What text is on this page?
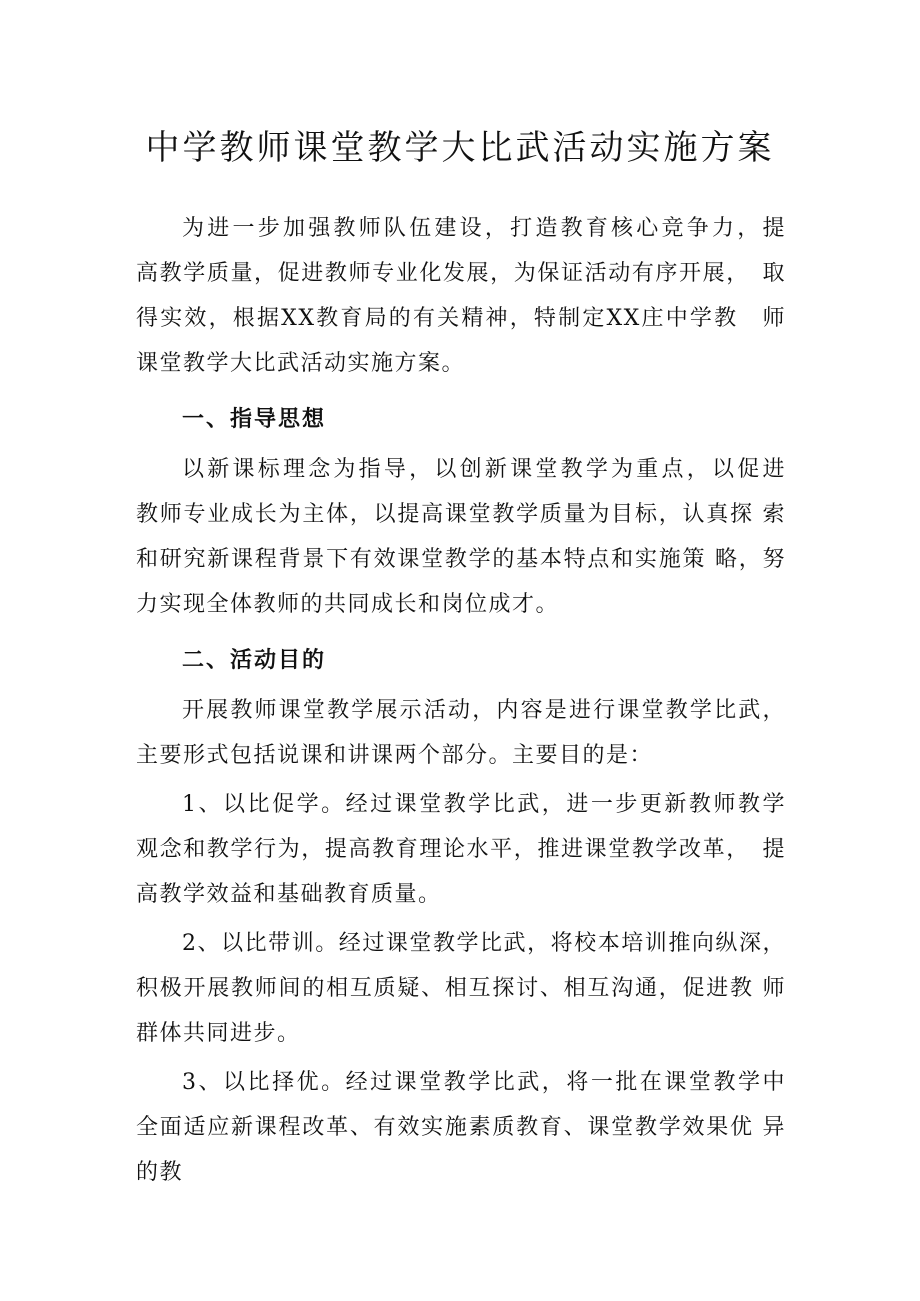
中学教师课堂教学大比武活动实施方案

为进一步加强教师队伍建设，打造教育核心竞争力，提　高教学质量，促进教师专业化发展，为保证活动有序开展，　取得实效，根据XX教育局的有关精神，特制定XX庄中学教　师课堂教学大比武活动实施方案。

一、指导思想

以新课标理念为指导，以创新课堂教学为重点，以促进　教师专业成长为主体，以提高课堂教学质量为目标，认真探 索和研究新课程背景下有效课堂教学的基本特点和实施策 略，努力实现全体教师的共同成长和岗位成才。

二、活动目的

开展教师课堂教学展示活动，内容是进行课堂教学比武，主要形式包括说课和讲课两个部分。主要目的是：

1、以比促学。经过课堂教学比武，进一步更新教师教学 观念和教学行为，提高教育理论水平，推进课堂教学改革，　提高教学效益和基础教育质量。

2、以比带训。经过课堂教学比武，将校本培训推向纵深，积极开展教师间的相互质疑、相互探讨、相互沟通，促进教 师群体共同进步。

3、以比择优。经过课堂教学比武，将一批在课堂教学中 全面适应新课程改革、有效实施素质教育、课堂教学效果优 异的教
